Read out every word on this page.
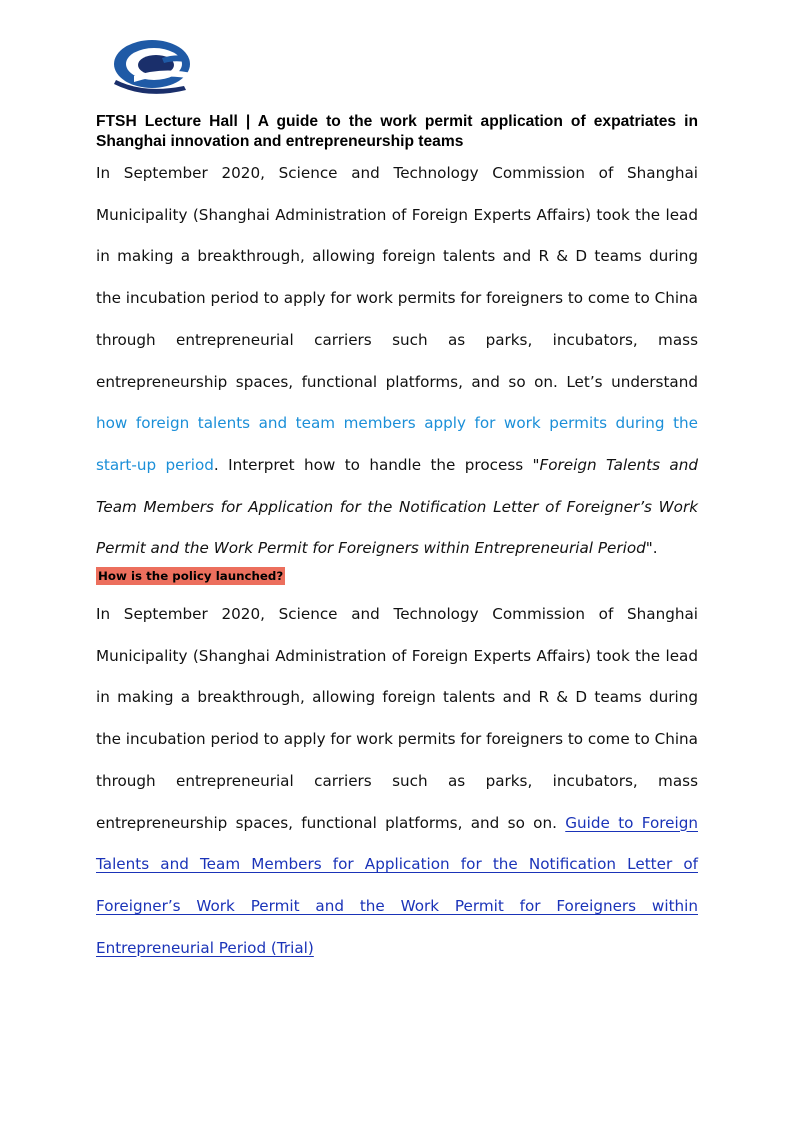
FTSH Lecture Hall | A guide to the work permit application of expatriates in Shanghai innovation and entrepreneurship teams

In September 2020, Science and Technology Commission of Shanghai Municipality (Shanghai Administration of Foreign Experts Affairs) took the lead in making a breakthrough, allowing foreign talents and R & D teams during the incubation period to apply for work permits for foreigners to come to China through entrepreneurial carriers such as parks, incubators, mass entrepreneurship spaces, functional platforms, and so on. Let’s understand how foreign talents and team members apply for work permits during the start-up period. Interpret how to handle the process "Foreign Talents and Team Members for Application for the Notification Letter of Foreigner’s Work Permit and the Work Permit for Foreigners within Entrepreneurial Period".

How is the policy launched?

In September 2020, Science and Technology Commission of Shanghai Municipality (Shanghai Administration of Foreign Experts Affairs) took the lead in making a breakthrough, allowing foreign talents and R & D teams during the incubation period to apply for work permits for foreigners to come to China through entrepreneurial carriers such as parks, incubators, mass entrepreneurship spaces, functional platforms, and so on. Guide to Foreign Talents and Team Members for Application for the Notification Letter of Foreigner’s Work Permit and the Work Permit for Foreigners within Entrepreneurial Period (Trial)
